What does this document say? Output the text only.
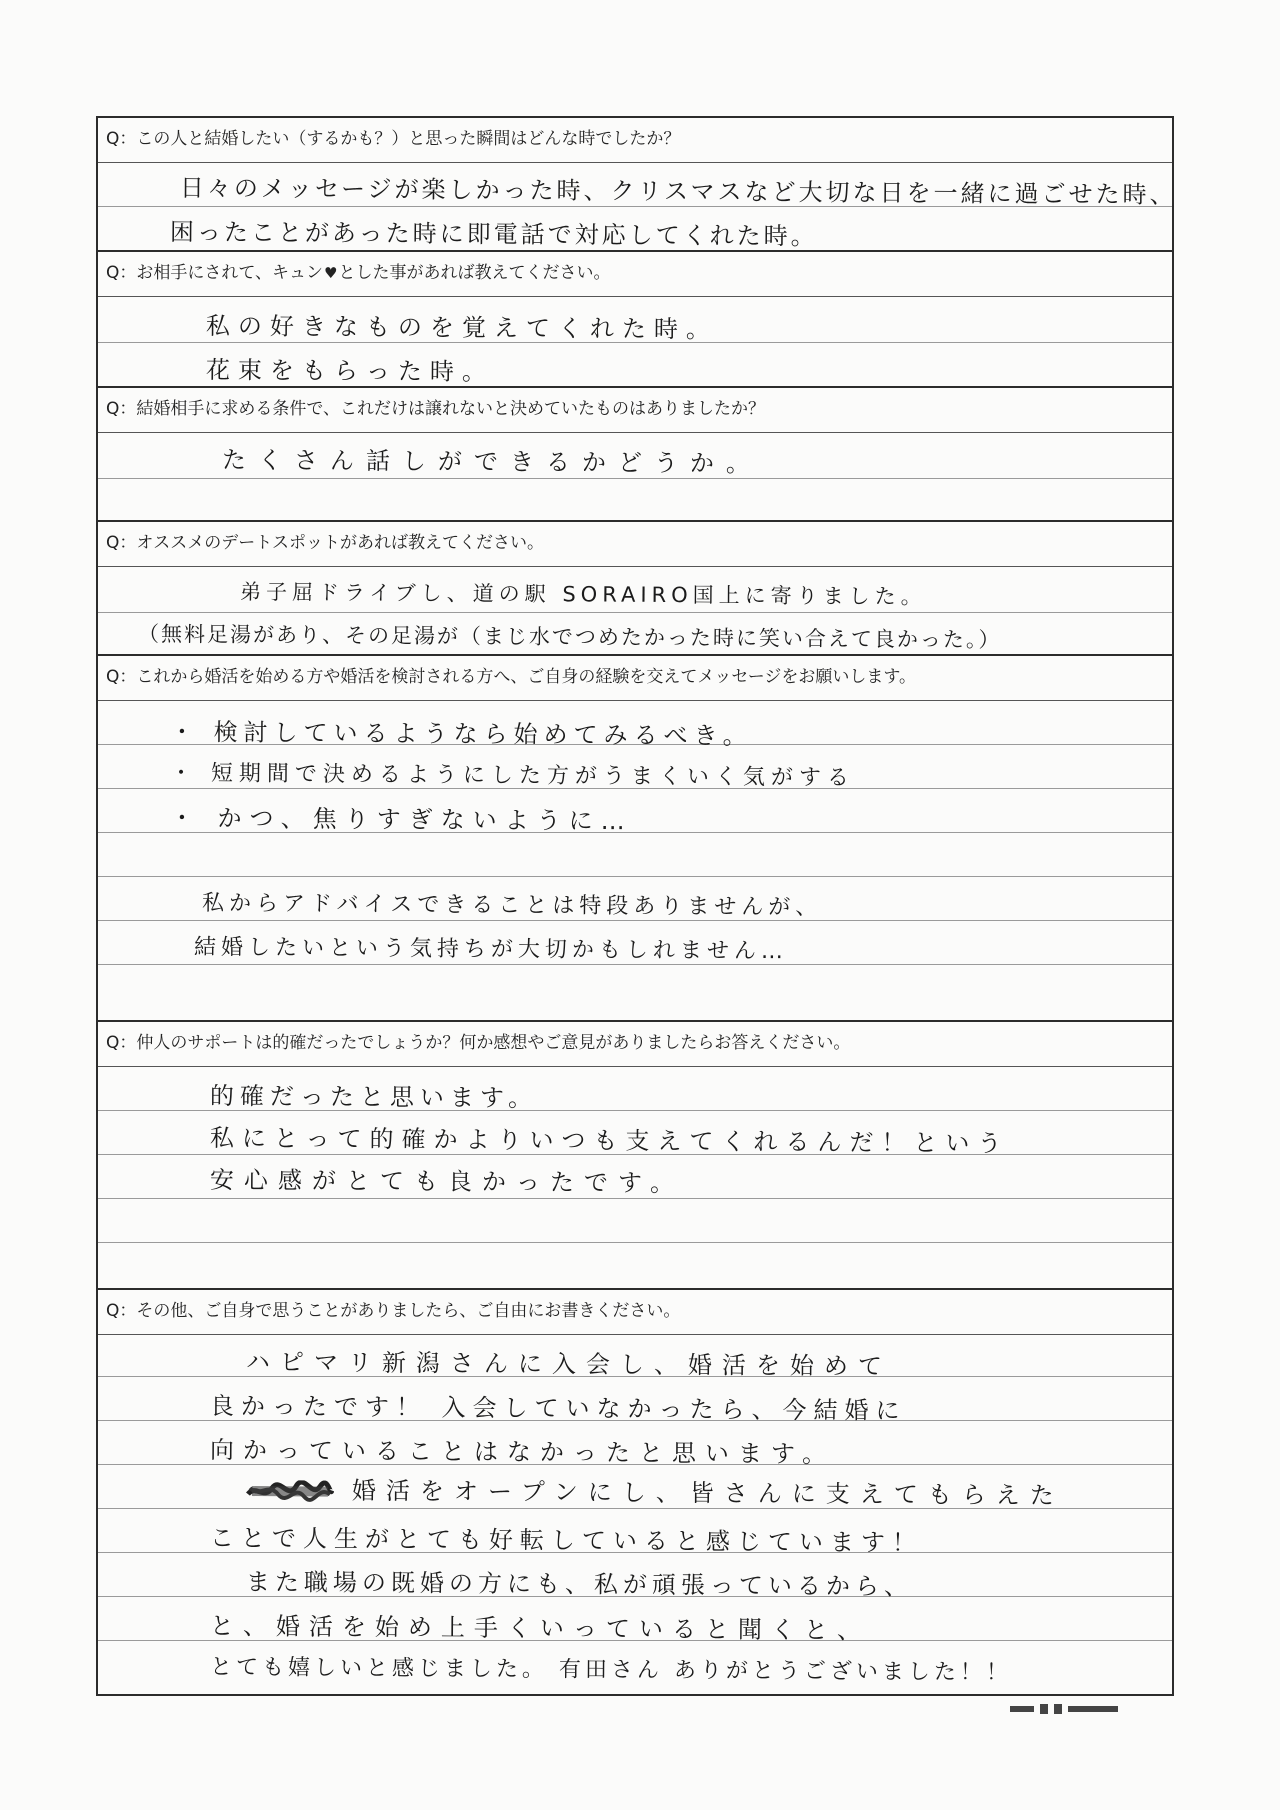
Q：この人と結婚したい（するかも？）と思った瞬間はどんな時でしたか？
日々のメッセージが楽しかった時、クリスマスなど大切な日を一緒に過ごせた時、
困ったことがあった時に即電話で対応してくれた時。
Q：お相手にされて、キュン♥とした事があれば教えてください。
私の好きなものを覚えてくれた時。
花束をもらった時。
Q：結婚相手に求める条件で、これだけは譲れないと決めていたものはありましたか？
たくさん話しができるかどうか。
Q：オススメのデートスポットがあれば教えてください。
弟子屈ドライブし、道の駅 SORAIRO国上に寄りました。
（無料足湯があり、その足湯が（まじ水でつめたかった時に笑い合えて良かった。）
Q：これから婚活を始める方や婚活を検討される方へ、ご自身の経験を交えてメッセージをお願いします。
・ 検討しているようなら始めてみるべき。
・ 短期間で決めるようにした方がうまくいく気がする
・ かつ、焦りすぎないように…
私からアドバイスできることは特段ありませんが、
結婚したいという気持ちが大切かもしれません…
Q：仲人のサポートは的確だったでしょうか？何か感想やご意見がありましたらお答えください。
的確だったと思います。
私にとって的確かよりいつも支えてくれるんだ！という
安心感がとても良かったです。
Q：その他、ご自身で思うことがありましたら、ご自由にお書きください。
ハピマリ新潟さんに入会し、婚活を始めて
良かったです！ 入会していなかったら、今結婚に
向かっていることはなかったと思います。
婚活をオープンにし、皆さんに支えてもらえた
ことで人生がとても好転していると感じています！
また職場の既婚の方にも、私が頑張っているから、
と、婚活を始め上手くいっていると聞くと、
とても嬉しいと感じました。 有田さん ありがとうございました！！
